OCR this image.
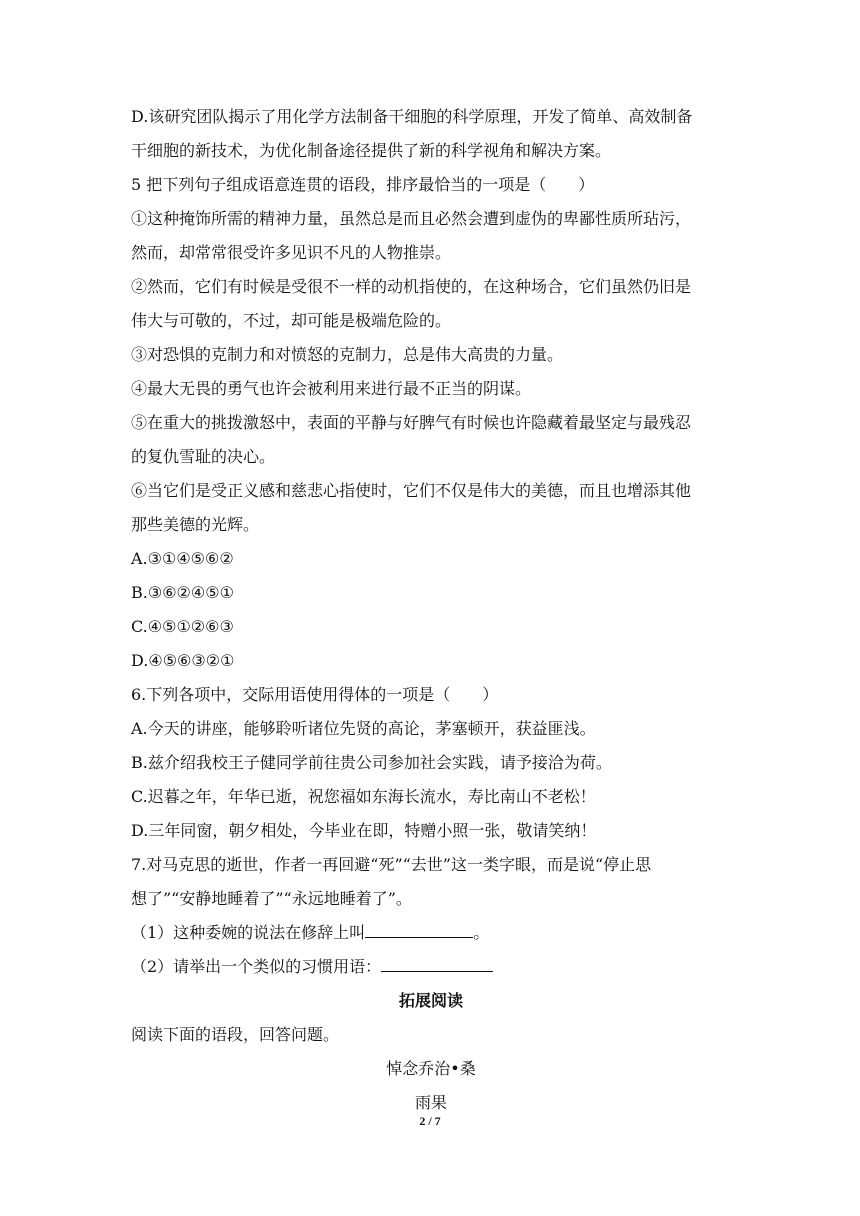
D.该研究团队揭示了用化学方法制备干细胞的科学原理，开发了简单、高效制备
干细胞的新技术，为优化制备途径提供了新的科学视角和解决方案。
5 把下列句子组成语意连贯的语段，排序最恰当的一项是（　　）
①这种掩饰所需的精神力量，虽然总是而且必然会遭到虚伪的卑鄙性质所玷污，
然而，却常常很受许多见识不凡的人物推崇。
②然而，它们有时候是受很不一样的动机指使的，在这种场合，它们虽然仍旧是
伟大与可敬的，不过，却可能是极端危险的。
③对恐惧的克制力和对愤怒的克制力，总是伟大高贵的力量。
④最大无畏的勇气也许会被利用来进行最不正当的阴谋。
⑤在重大的挑拨激怒中，表面的平静与好脾气有时候也许隐藏着最坚定与最残忍
的复仇雪耻的决心。
⑥当它们是受正义感和慈悲心指使时，它们不仅是伟大的美德，而且也增添其他
那些美德的光辉。
A.③①④⑤⑥②
B.③⑥②④⑤①
C.④⑤①②⑥③
D.④⑤⑥③②①
6.下列各项中，交际用语使用得体的一项是（　　）
A.今天的讲座，能够聆听诸位先贤的高论，茅塞顿开，获益匪浅。
B.兹介绍我校王子健同学前往贵公司参加社会实践，请予接洽为荷。
C.迟暮之年，年华已逝，祝您福如东海长流水，寿比南山不老松！
D.三年同窗，朝夕相处，今毕业在即，特赠小照一张，敬请笑纳！
7.对马克思的逝世，作者一再回避“死”“去世”这一类字眼，而是说“停止思
想了”“安静地睡着了”“永远地睡着了”。
（1）这种委婉的说法在修辞上叫	。
（2）请举出一个类似的习惯用语：
拓展阅读
阅读下面的语段，回答问题。
悼念乔治•桑
雨果
2 / 7
